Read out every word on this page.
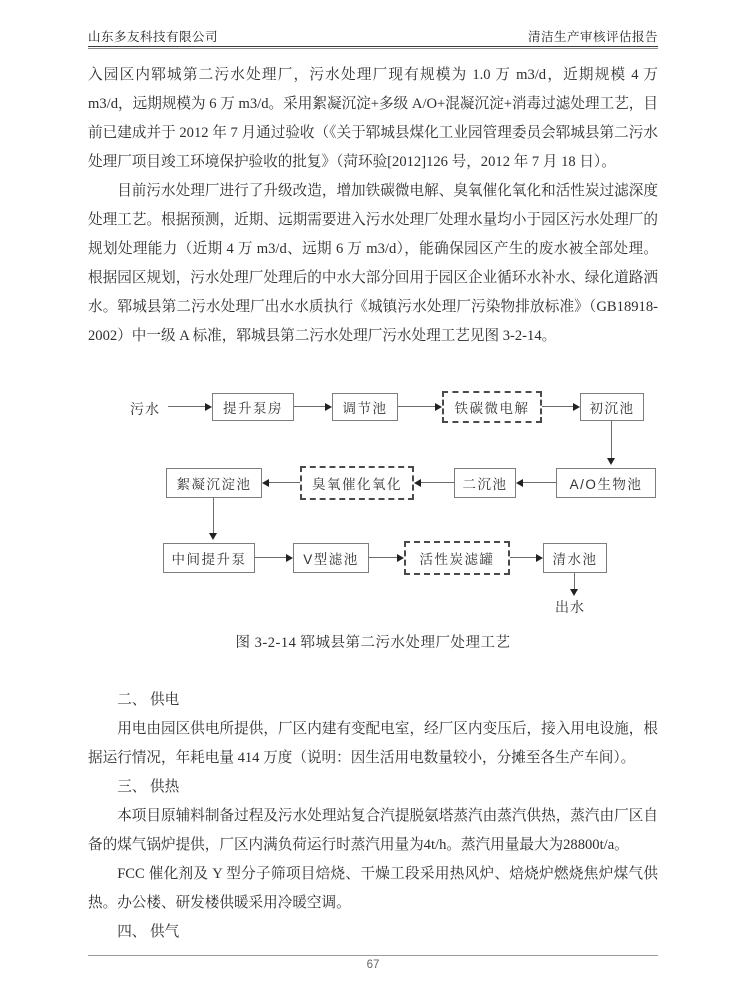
山东多友科技有限公司	清洁生产审核评估报告

入园区内郓城第二污水处理厂，污水处理厂现有规模为 1.0 万 m3/d，近期规模 4 万 m3/d，远期规模为 6 万 m3/d。采用絮凝沉淀+多级 A/O+混凝沉淀+消毒过滤处理工艺，目前已建成并于 2012 年 7 月通过验收（《关于郓城县煤化工业园管理委员会郓城县第二污水处理厂项目竣工环境保护验收的批复》（菏环验[2012]126 号，2012 年 7 月 18 日）。

目前污水处理厂进行了升级改造，增加铁碳微电解、臭氧催化氧化和活性炭过滤深度处理工艺。根据预测，近期、远期需要进入污水处理厂处理水量均小于园区污水处理厂的规划处理能力（近期 4 万 m3/d、远期 6 万 m3/d），能确保园区产生的废水被全部处理。根据园区规划，污水处理厂处理后的中水大部分回用于园区企业循环水补水、绿化道路洒水。郓城县第二污水处理厂出水水质执行《城镇污水处理厂污染物排放标准》（GB18918-2002）中一级 A 标准，郓城县第二污水处理厂污水处理工艺见图 3-2-14。

污水
出水
提升泵房	调节池	铁碳微电解	初沉池
A/O生物池
二沉池
臭氧催化氧化
絮凝沉淀池
中间提升泵	V型滤池	活性炭滤罐	清水池
图 3-2-14 郓城县第二污水处理厂处理工艺
二、 供电

用电由园区供电所提供，厂区内建有变配电室，经厂区内变压后，接入用电设施，根据运行情况，年耗电量 414 万度（说明：因生活用电数量较小，分摊至各生产车间）。

三、 供热

本项目原辅料制备过程及污水处理站复合汽提脱氨塔蒸汽由蒸汽供热，蒸汽由厂区自备的煤气锅炉提供，厂区内满负荷运行时蒸汽用量为4t/h。蒸汽用量最大为28800t/a。

FCC 催化剂及 Y 型分子筛项目焙烧、干燥工段采用热风炉、焙烧炉燃烧焦炉煤气供热。办公楼、研发楼供暖采用冷暖空调。

四、 供气
67
